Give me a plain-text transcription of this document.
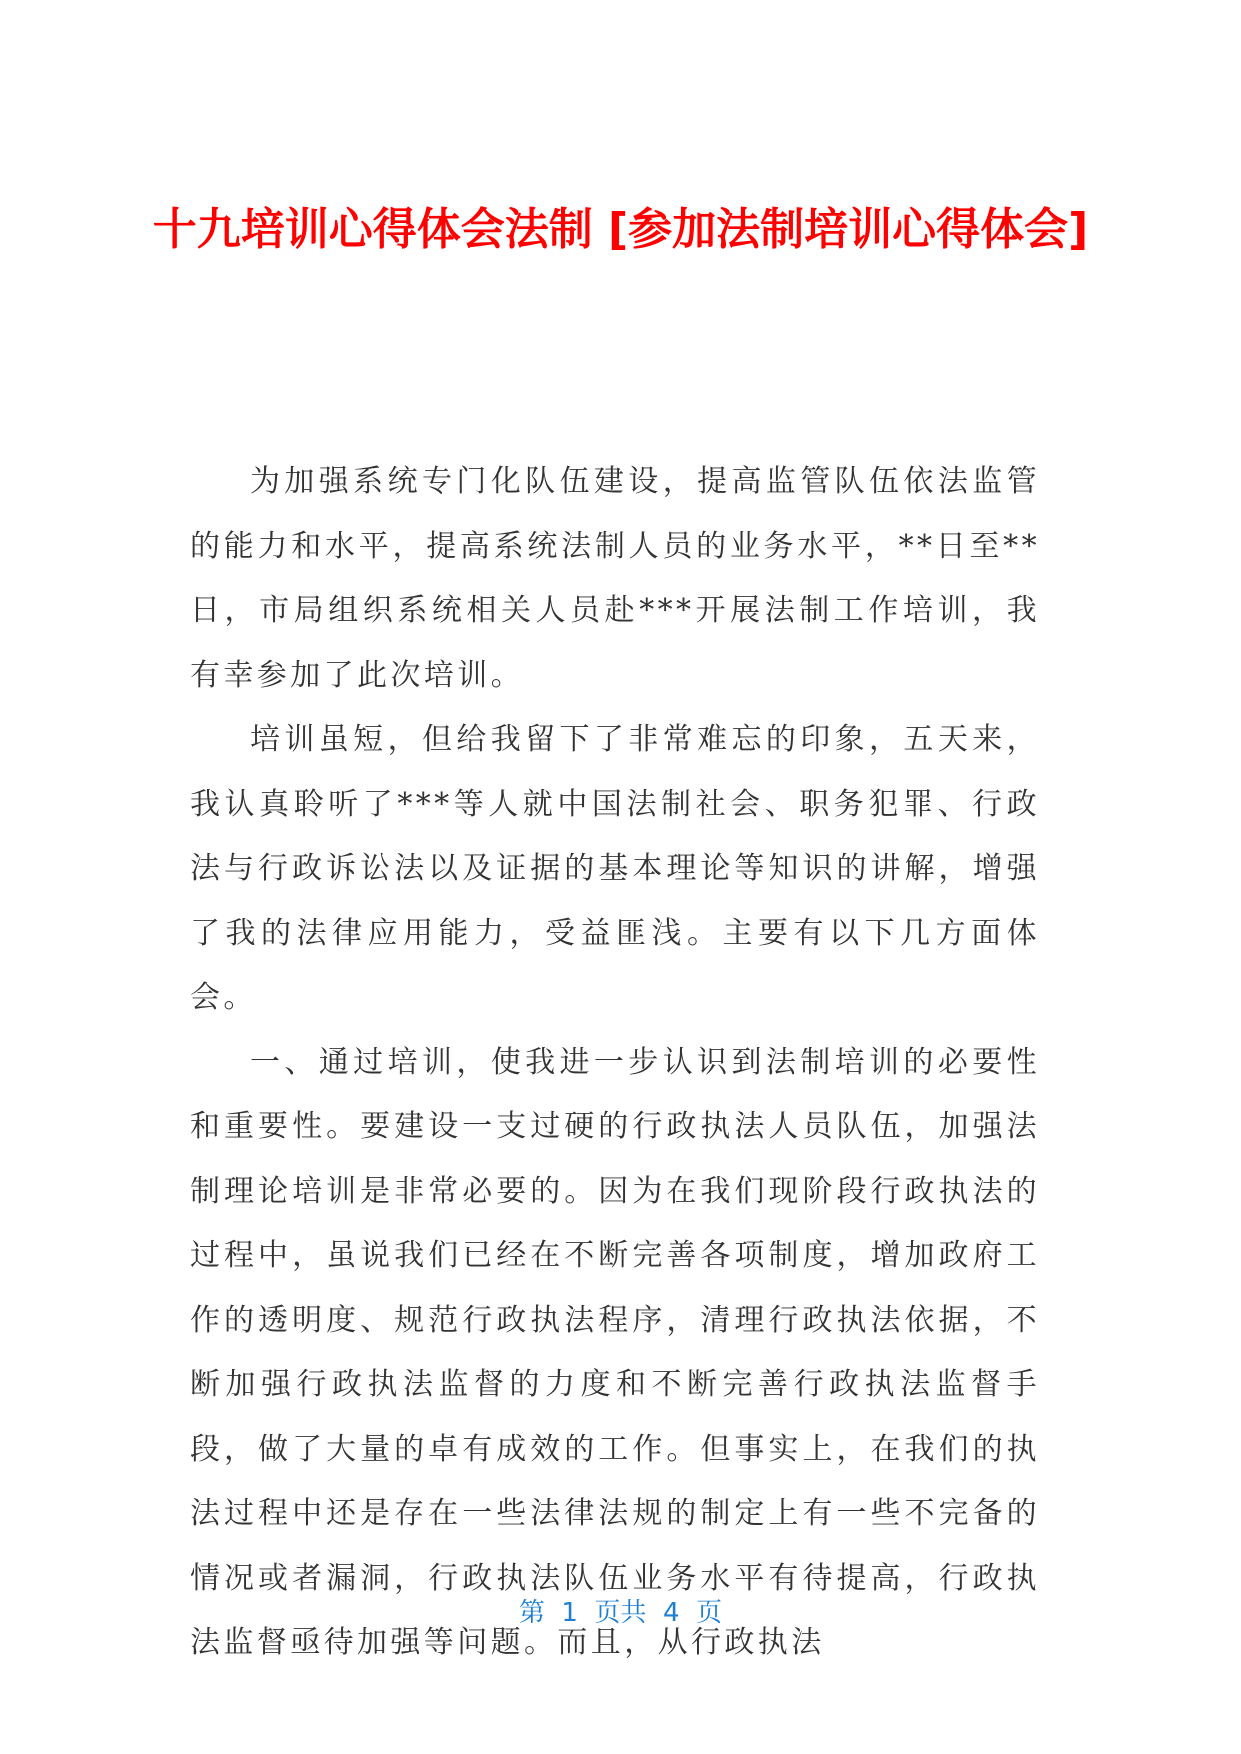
十九培训心得体会法制 [参加法制培训心得体会]

为加强系统专门化队伍建设，提高监管队伍依法监管的能力和水平，提高系统法制人员的业务水平，**日至**日，市局组织系统相关人员赴***开展法制工作培训，我有幸参加了此次培训。

培训虽短，但给我留下了非常难忘的印象，五天来，我认真聆听了***等人就中国法制社会、职务犯罪、行政法与行政诉讼法以及证据的基本理论等知识的讲解，增强了我的法律应用能力，受益匪浅。主要有以下几方面体会。

一、通过培训，使我进一步认识到法制培训的必要性和重要性。要建设一支过硬的行政执法人员队伍，加强法制理论培训是非常必要的。因为在我们现阶段行政执法的过程中，虽说我们已经在不断完善各项制度，增加政府工作的透明度、规范行政执法程序，清理行政执法依据，不断加强行政执法监督的力度和不断完善行政执法监督手段，做了大量的卓有成效的工作。但事实上，在我们的执法过程中还是存在一些法律法规的制定上有一些不完备的情况或者漏洞，行政执法队伍业务水平有待提高，行政执法监督亟待加强等问题。而且，从行政执法

第  1  页共  4  页
